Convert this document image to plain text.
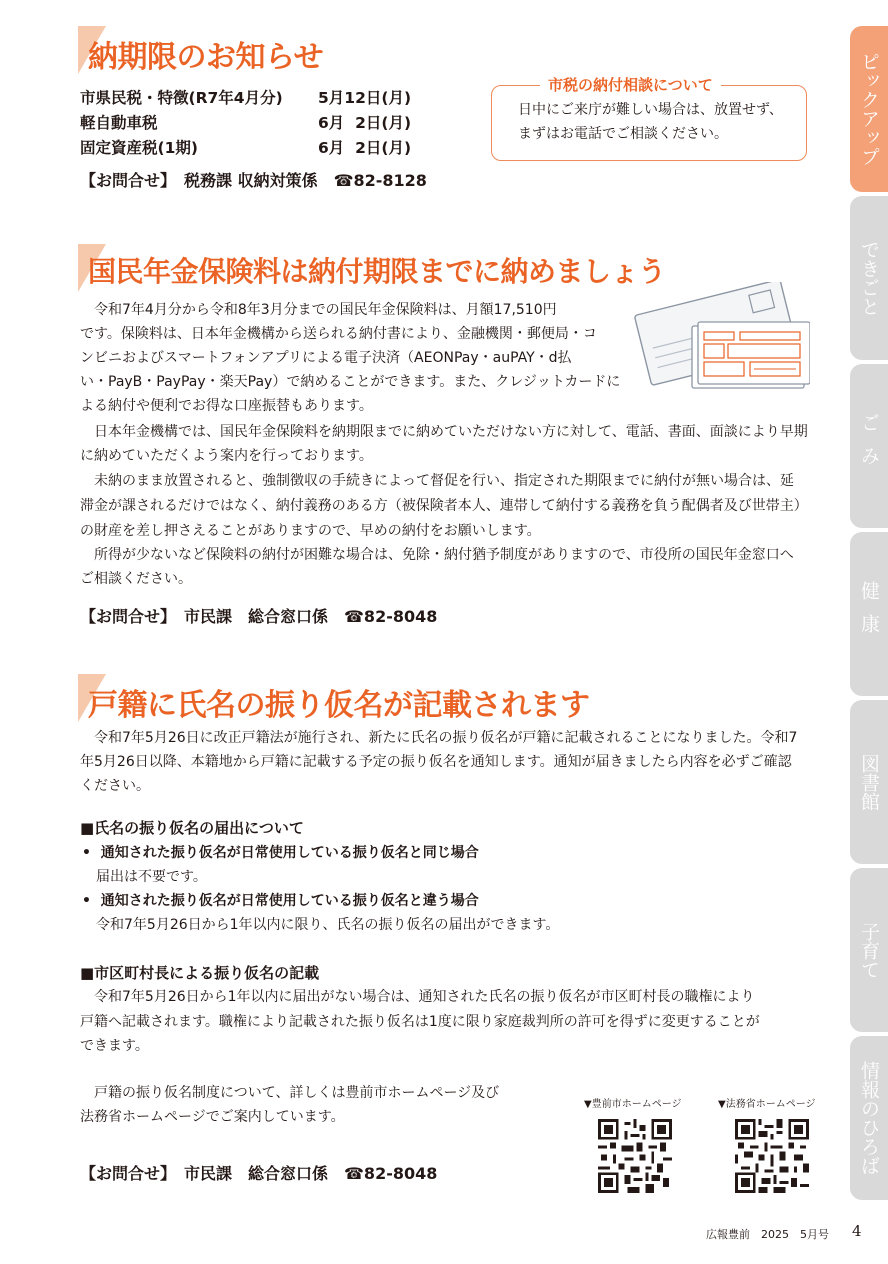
ピックアップ
できごと
ごみ
健康
図書館
子育て
情報のひろば
納期限のお知らせ
市県民税・特徴(R7年4月分) 5月12日(月)
軽自動車税	6月  2日(月)
固定資産税(1期)	6月  2日(月)
【お問合せ】　税務課 収納対策係　☎82-8128
市税の納付相談について
日中にご来庁が難しい場合は、放置せず、
まずはお電話でご相談ください。
国民年金保険料は納付期限までに納めましょう
　令和7年4月分から令和8年3月分までの国民年金保険料は、月額17,510円
です。保険料は、日本年金機構から送られる納付書により、金融機関・郵便局・コ
ンビニおよびスマートフォンアプリによる電子決済（AEONPay・auPAY・d払
い・PayB・PayPay・楽天Pay）で納めることができます。また、クレジットカードに
よる納付や便利でお得な口座振替もあります。
　日本年金機構では、国民年金保険料を納期限までに納めていただけない方に対して、電話、書面、面談により早期
に納めていただくよう案内を行っております。
　未納のまま放置されると、強制徴収の手続きによって督促を行い、指定された期限までに納付が無い場合は、延
滞金が課されるだけではなく、納付義務のある方（被保険者本人、連帯して納付する義務を負う配偶者及び世帯主）
の財産を差し押さえることがありますので、早めの納付をお願いします。
　所得が少ないなど保険料の納付が困難な場合は、免除・納付猶予制度がありますので、市役所の国民年金窓口へ
ご相談ください。
【お問合せ】　市民課　総合窓口係　☎82-8048
戸籍に氏名の振り仮名が記載されます
　令和7年5月26日に改正戸籍法が施行され、新たに氏名の振り仮名が戸籍に記載されることになりました。令和7
年5月26日以降、本籍地から戸籍に記載する予定の振り仮名を通知します。通知が届きましたら内容を必ずご確認
ください。
■氏名の振り仮名の届出について
•  通知された振り仮名が日常使用している振り仮名と同じ場合
届出は不要です。
•  通知された振り仮名が日常使用している振り仮名と違う場合
令和7年5月26日から1年以内に限り、氏名の振り仮名の届出ができます。
■市区町村長による振り仮名の記載
　令和7年5月26日から1年以内に届出がない場合は、通知された氏名の振り仮名が市区町村長の職権により
戸籍へ記載されます。職権により記載された振り仮名は1度に限り家庭裁判所の許可を得ずに変更することが
できます。
　戸籍の振り仮名制度について、詳しくは豊前市ホームページ及び
法務省ホームページでご案内しています。
【お問合せ】　市民課　総合窓口係　☎82-8048
▼豊前市ホームページ	▼法務省ホームページ
広報豊前　2025　5月号 4
